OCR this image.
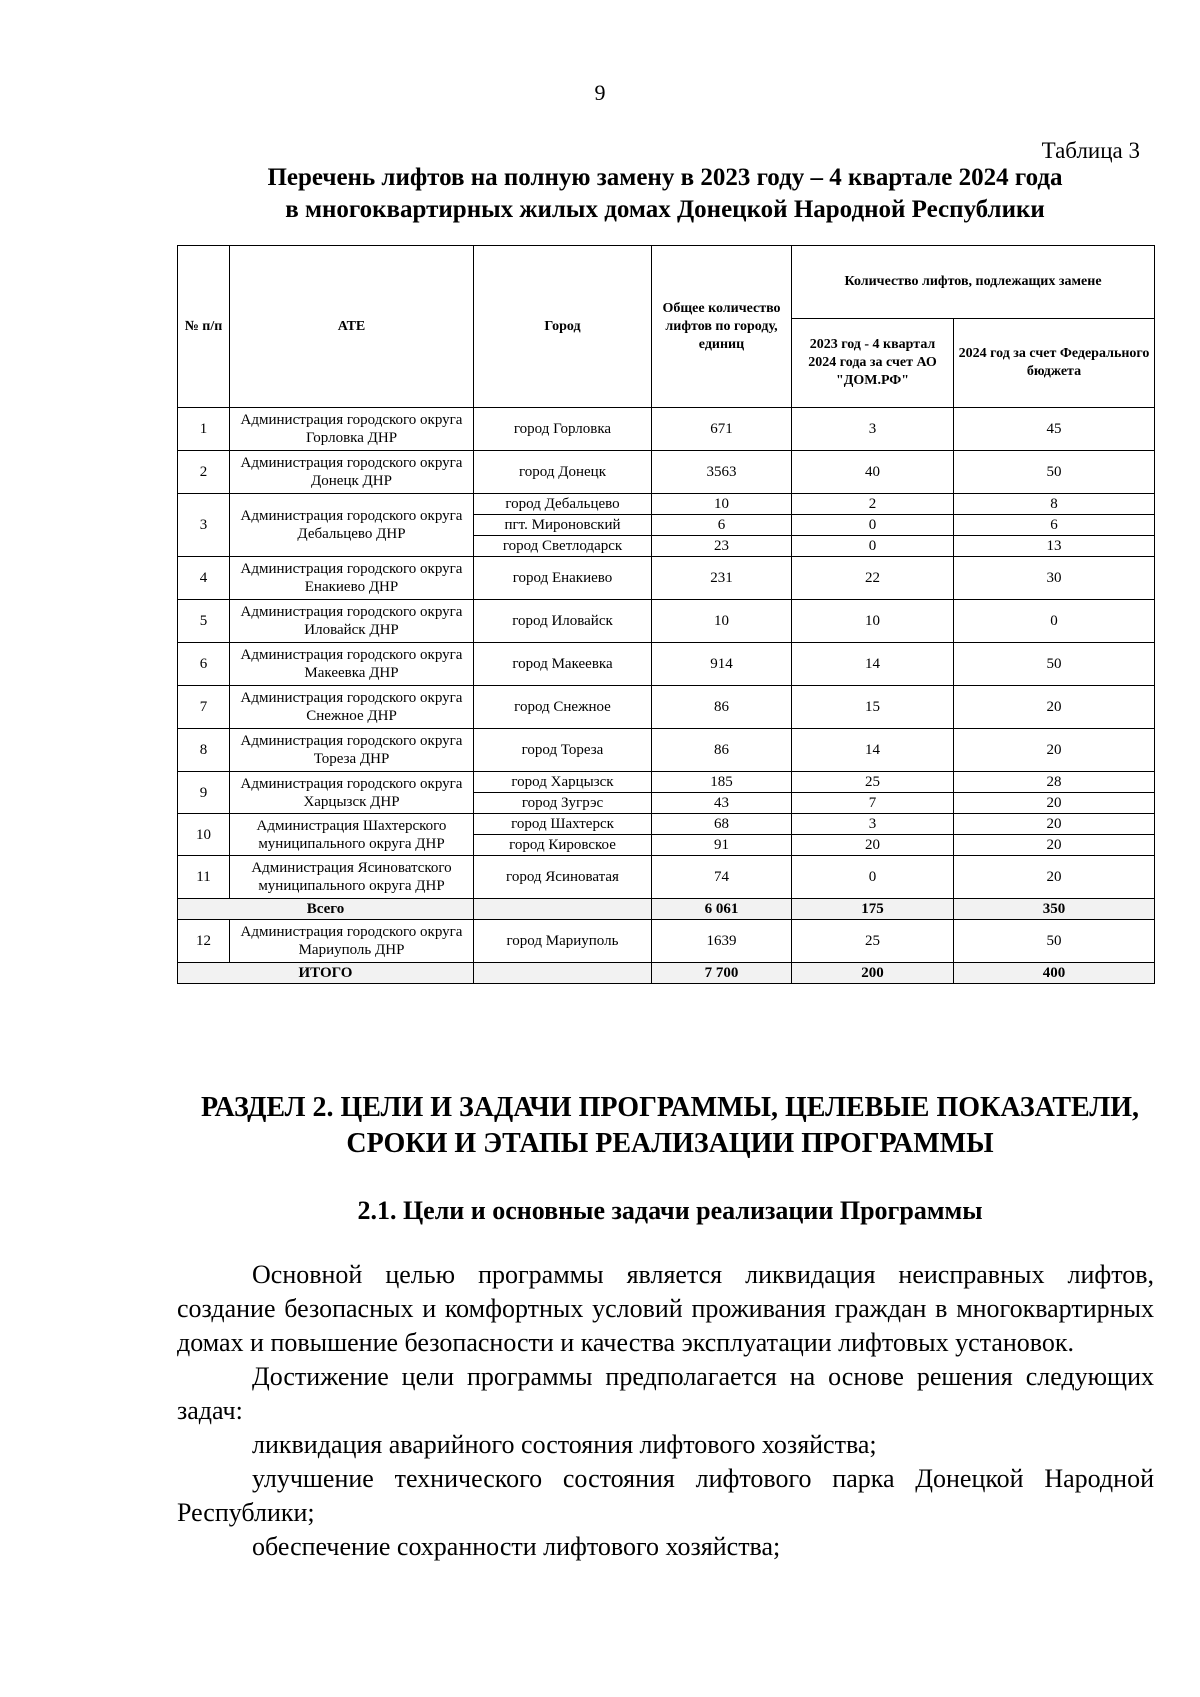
9
Таблица 3
Перечень лифтов на полную замену в 2023 году – 4 квартале 2024 года
в многоквартирных жилых домах Донецкой Народной Республики
№ п/п	АТЕ	Город	Общее количество лифтов по городу, единиц	Количество лифтов, подлежащих замене	
				2023 год - 4 квартал 2024 года за счет АО "ДОМ.РФ"	2024 год за счет Федерального бюджета
1	Администрация городского округа Горловка ДНР	город Горловка	671	3	45
2	Администрация городского округа Донецк ДНР	город Донецк	3563	40	50
3	Администрация городского округа Дебальцево ДНР	город Дебальцево	10	2	8
		пгт. Мироновский	6	0	6
		город Светлодарск	23	0	13
4	Администрация городского округа Енакиево ДНР	город Енакиево	231	22	30
5	Администрация городского округа Иловайск ДНР	город Иловайск	10	10	0
6	Администрация городского округа Макеевка ДНР	город Макеевка	914	14	50
7	Администрация городского округа Снежное ДНР	город Снежное	86	15	20
8	Администрация городского округа Тореза ДНР	город Тореза	86	14	20
9	Администрация городского округа Харцызск ДНР	город Харцызск	185	25	28
		город Зугрэс	43	7	20
10	Администрация Шахтерского муниципального округа ДНР	город Шахтерск	68	3	20
		город Кировское	91	20	20
11	Администрация Ясиноватского муниципального округа ДНР	город Ясиноватая	74	0	20
Всего			6 061	175	350
12	Администрация городского округа Мариуполь ДНР	город Мариуполь	1639	25	50
ИТОГО			7 700	200	400
РАЗДЕЛ 2. ЦЕЛИ И ЗАДАЧИ ПРОГРАММЫ, ЦЕЛЕВЫЕ ПОКАЗАТЕЛИ,
СРОКИ И ЭТАПЫ РЕАЛИЗАЦИИ ПРОГРАММЫ
2.1. Цели и основные задачи реализации Программы

Основной целью программы является ликвидация неисправных лифтов, создание безопасных и комфортных условий проживания граждан в многоквартирных домах и повышение безопасности и качества эксплуатации лифтовых установок.

Достижение цели программы предполагается на основе решения следующих задач:

ликвидация аварийного состояния лифтового хозяйства;

улучшение технического состояния лифтового парка Донецкой Народной Республики;

обеспечение сохранности лифтового хозяйства;
